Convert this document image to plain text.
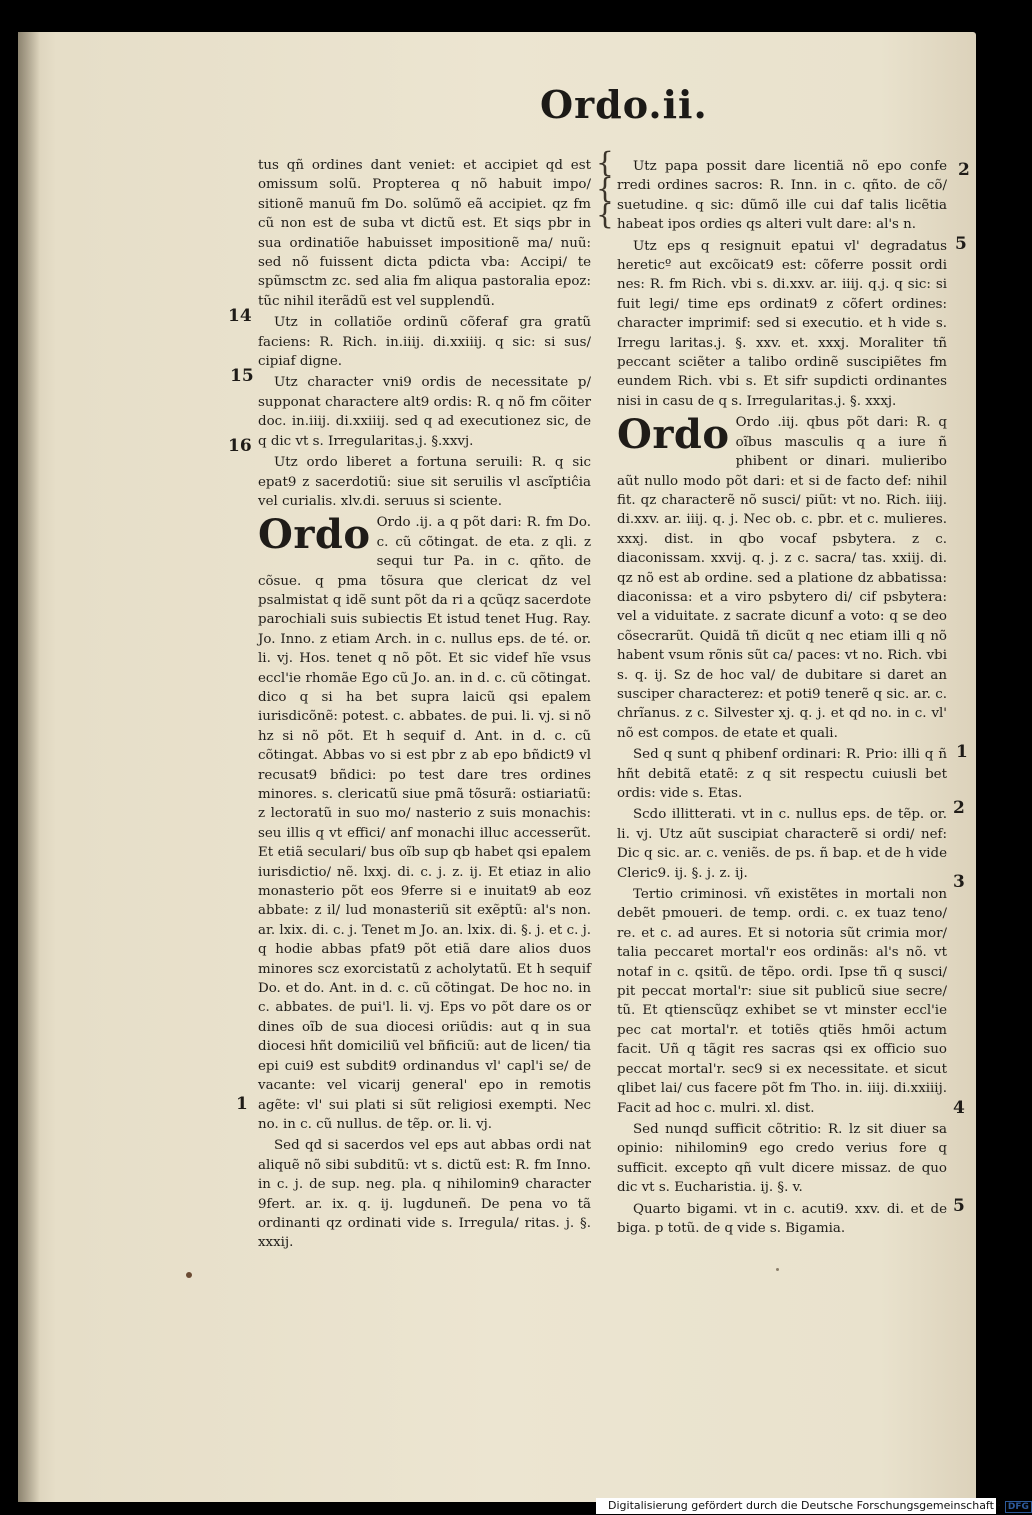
Ordo.ii.
{
{
{

tus qñ ordines dant veniet: et accipiet qd est omissum solũ. Propterea q nõ habuit impo/ sitionẽ manuũ fm Do. solũmõ eã accipiet. qz fm cũ non est de suba vt dictũ est. Et siqs pbr in sua ordinatiõe habuisset impositionẽ ma/ nuũ: sed nõ fuissent dicta pdicta vba: Accipi/ te spũmsctm zc. sed alia fm aliqua pastoralia epoz: tũc nihil iterãdũ est vel supplendũ.

Utz in collatiõe ordinũ cõferaf gra gratũ faciens: R. Rich. in.iiij. di.xxiiij. q sic: si sus/ cipiaf digne.

Utz character vni9 ordis de necessitate p/ supponat charactere alt9 ordis: R. q nõ fm cõiter doc. in.iiij. di.xxiiij. sed q ad executionez sic, de q dic vt s. Irregularitas.j. §.xxvj.

Utz ordo liberet a fortuna seruili: R. q sic epat9 z sacerdotiũ: siue sit seruilis vl ascĩptiĉia vel curialis. xlv.di. seruus si sciente.

Ordo Ordo .ij. a q põt dari: R. fm Do. c. cũ cõtingat. de eta. z qli. z sequi tur Pa. in c. qñto. de cõsue. q pma tõsura que clericat dz vel psalmistat q idẽ sunt põt da ri a qcũqz sacerdote parochiali suis subiectis Et istud tenet Hug. Ray. Jo. Inno. z etiam Arch. in c. nullus eps. de té. or. li. vj. Hos. tenet q nõ põt. Et sic videf hĩe vsus eccl'ie rhomãe Ego cũ Jo. an. in d. c. cũ cõtingat. dico q si ha bet supra laicũ qsi epalem iurisdicõnẽ: potest. c. abbates. de pui. li. vj. si nõ hz si nõ põt. Et h sequif d. Ant. in d. c. cũ cõtingat. Abbas vo si est pbr z ab epo bñdict9 vl recusat9 bñdici: po test dare tres ordines minores. s. clericatũ siue pmã tõsurã: ostiariatũ: z lectoratũ in suo mo/ nasterio z suis monachis: seu illis q vt effici/ anf monachi illuc accesserũt. Et etiã seculari/ bus oĩb sup qb habet qsi epalem iurisdictio/ nẽ. lxxj. di. c. j. z. ij. Et etiaz in alio monasterio põt eos 9ferre si e inuitat9 ab eoz abbate: z il/ lud monasteriũ sit exẽptũ: al's non. ar. lxix. di. c. j. Tenet m Jo. an. lxix. di. §. j. et c. j. q hodie abbas pfat9 põt etiã dare alios duos minores scz exorcistatũ z acholytatũ. Et h sequif Do. et do. Ant. in d. c. cũ cõtingat. De hoc no. in c. abbates. de pui'l. li. vj. Eps vo põt dare os or dines oĩb de sua diocesi oriũdis: aut q in sua diocesi hñt domiciliũ vel bñficiũ: aut de licen/ tia epi cui9 est subdit9 ordinandus vl' capl'i se/ de vacante: vel vicarij general' epo in remotis agẽte: vl' sui plati si sũt religiosi exempti. Nec no. in c. cũ nullus. de tẽp. or. li. vj.

Sed qd si sacerdos vel eps aut abbas ordi nat aliquẽ nõ sibi subditũ: vt s. dictũ est: R. fm Inno. in c. j. de sup. neg. pla. q nihilomin9 character 9fert. ar. ix. q. ij. lugduneñ. De pena vo tã ordinanti qz ordinati vide s. Irregula/ ritas. j. §. xxxij.

14
15
16
1

Utz papa possit dare licentiã nõ epo confe rredi ordines sacros: R. Inn. in c. qñto. de cõ/ suetudine. q sic: dũmõ ille cui daf talis licẽtia habeat ipos ordies qs alteri vult dare: al's n.

Utz eps q resignuit epatui vl' degradatus hereticº aut excõicat9 est: cõferre possit ordi nes: R. fm Rich. vbi s. di.xxv. ar. iiij. q.j. q sic: si fuit legi/ time eps ordinat9 z cõfert ordines: character imprimif: sed si executio. et h vide s. Irregu laritas.j. §. xxv. et. xxxj. Moraliter tñ peccant sciẽter a talibo ordinẽ suscipiẽtes fm eundem Rich. vbi s. Et sifr supdicti ordinantes nisi in casu de q s. Irregularitas.j. §. xxxj.

Ordo Ordo .iij. qbus põt dari: R. q oĩbus masculis q a iure ñ phibent or dinari. mulieribo aũt nullo modo põt dari: et si de facto def: nihil fit. qz characterẽ nõ susci/ piũt: vt no. Rich. iiij. di.xxv. ar. iiij. q. j. Nec ob. c. pbr. et c. mulieres. xxxj. dist. in qbo vocaf psbytera. z c. diaconissam. xxvij. q. j. z c. sacra/ tas. xxiij. di. qz nõ est ab ordine. sed a platione dz abbatissa: diaconissa: et a viro psbytero di/ cif psbytera: vel a viduitate. z sacrate dicunf a voto: q se deo cõsecrarũt. Quidã tñ dicũt q nec etiam illi q nõ habent vsum rõnis sũt ca/ paces: vt no. Rich. vbi s. q. ij. Sz de hoc val/ de dubitare si daret an susciper characterez: et poti9 tenerẽ q sic. ar. c. chrĩanus. z c. Silvester xj. q. j. et qd no. in c. vl' nõ est compos. de etate et quali.

Sed q sunt q phibenf ordinari: R. Prio: illi q ñ hñt debitã etatẽ: z q sit respectu cuiusli bet ordis: vide s. Etas.

Scdo illitterati. vt in c. nullus eps. de tẽp. or. li. vj. Utz aũt suscipiat characterẽ si ordi/ nef: Dic q sic. ar. c. veniẽs. de ps. ñ bap. et de h vide Cleric9. ij. §. j. z. ij.

Tertio criminosi. vñ existẽtes in mortali non debẽt pmoueri. de temp. ordi. c. ex tuaz teno/ re. et c. ad aures. Et si notoria sũt crimia mor/ talia peccaret mortal'r eos ordinãs: al's nõ. vt notaf in c. qsitũ. de tẽpo. ordi. Ipse tñ q susci/ pit peccat mortal'r: siue sit publicũ siue secre/ tũ. Et qtienscũqz exhibet se vt minster eccl'ie pec cat mortal'r. et totiẽs qtiẽs hmõi actum facit. Uñ q tãgit res sacras qsi ex officio suo peccat mortal'r. sec9 si ex necessitate. et sicut qlibet lai/ cus facere põt fm Tho. in. iiij. di.xxiiij. Facit ad hoc c. mulri. xl. dist.

Sed nunqd sufficit cõtritio: R. lz sit diuer sa opinio: nihilomin9 ego credo verius fore q sufficit. excepto qñ vult dicere missaz. de quo dic vt s. Eucharistia. ij. §. v.

Quarto bigami. vt in c. acuti9. xxv. di. et de biga. p totũ. de q vide s. Bigamia.

2
5
1
2
3
4
5
Digitalisierung gefördert durch die Deutsche Forschungsgemeinschaft · DFG
